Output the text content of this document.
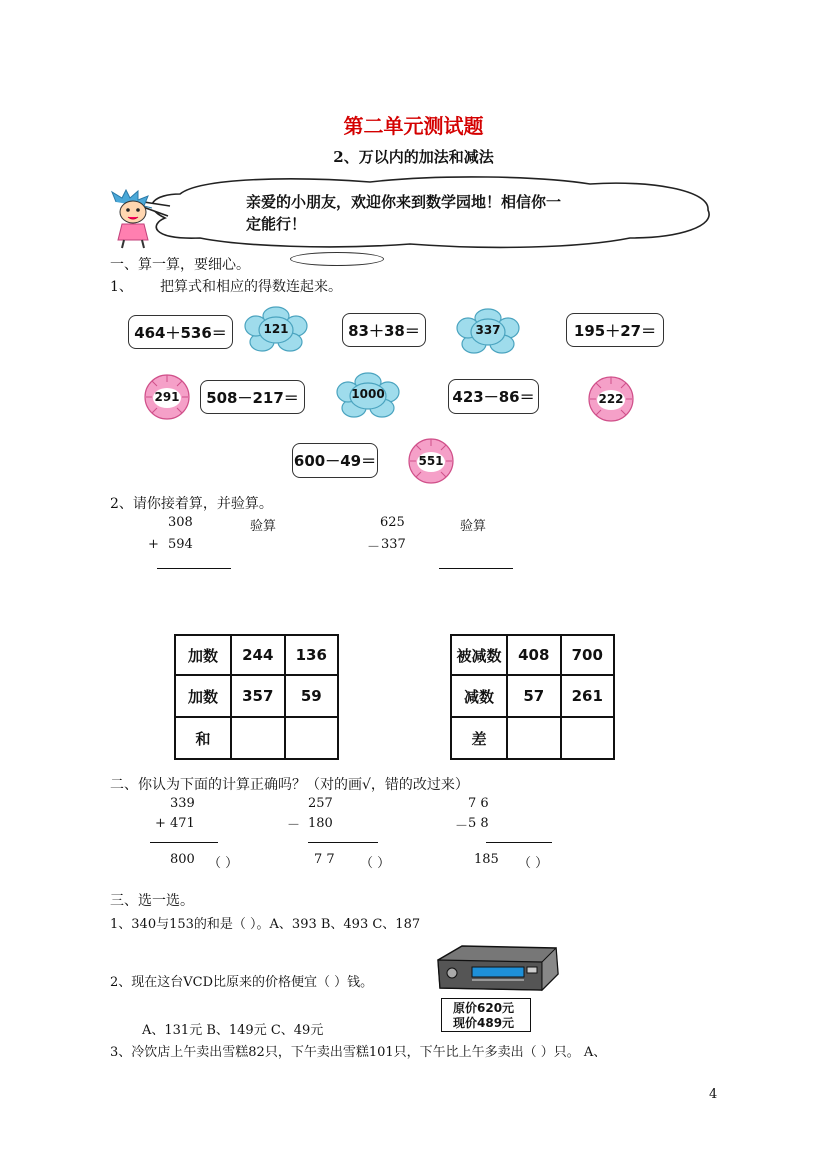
第二单元测试题
2、万以内的加法和减法
亲爱的小朋友，欢迎你来到数学园地！相信你一
定能行！
一、算一算，要细心。
1、 把算式和相应的得数连起来。
464＋536＝	83＋38＝	195＋27＝
508－217＝	423－86＝
600－49＝
121	337
291	1000	222
551
2、请你接着算，并验算。
308	验算
+ 594
625	验算
－ 337
加数	244	136
加数	357	59
和		
被减数	408	700
减数	57	261
差		
二、你认为下面的计算正确吗？（对的画√，错的改过来）
339
+ 471
800 （ ）
257
－ 180
7 7 （ ）
7 6
－ 5 8
185 （ ）
三、选一选。
1、340与153的和是（ ）。A、393 B、493 C、187
2、现在这台VCD比原来的价格便宜（ ）钱。
原价620元
现价489元
A、131元 B、149元 C、49元
3、冷饮店上午卖出雪糕82只，下午卖出雪糕101只，下午比上午多卖出（ ）只。 A、
4
